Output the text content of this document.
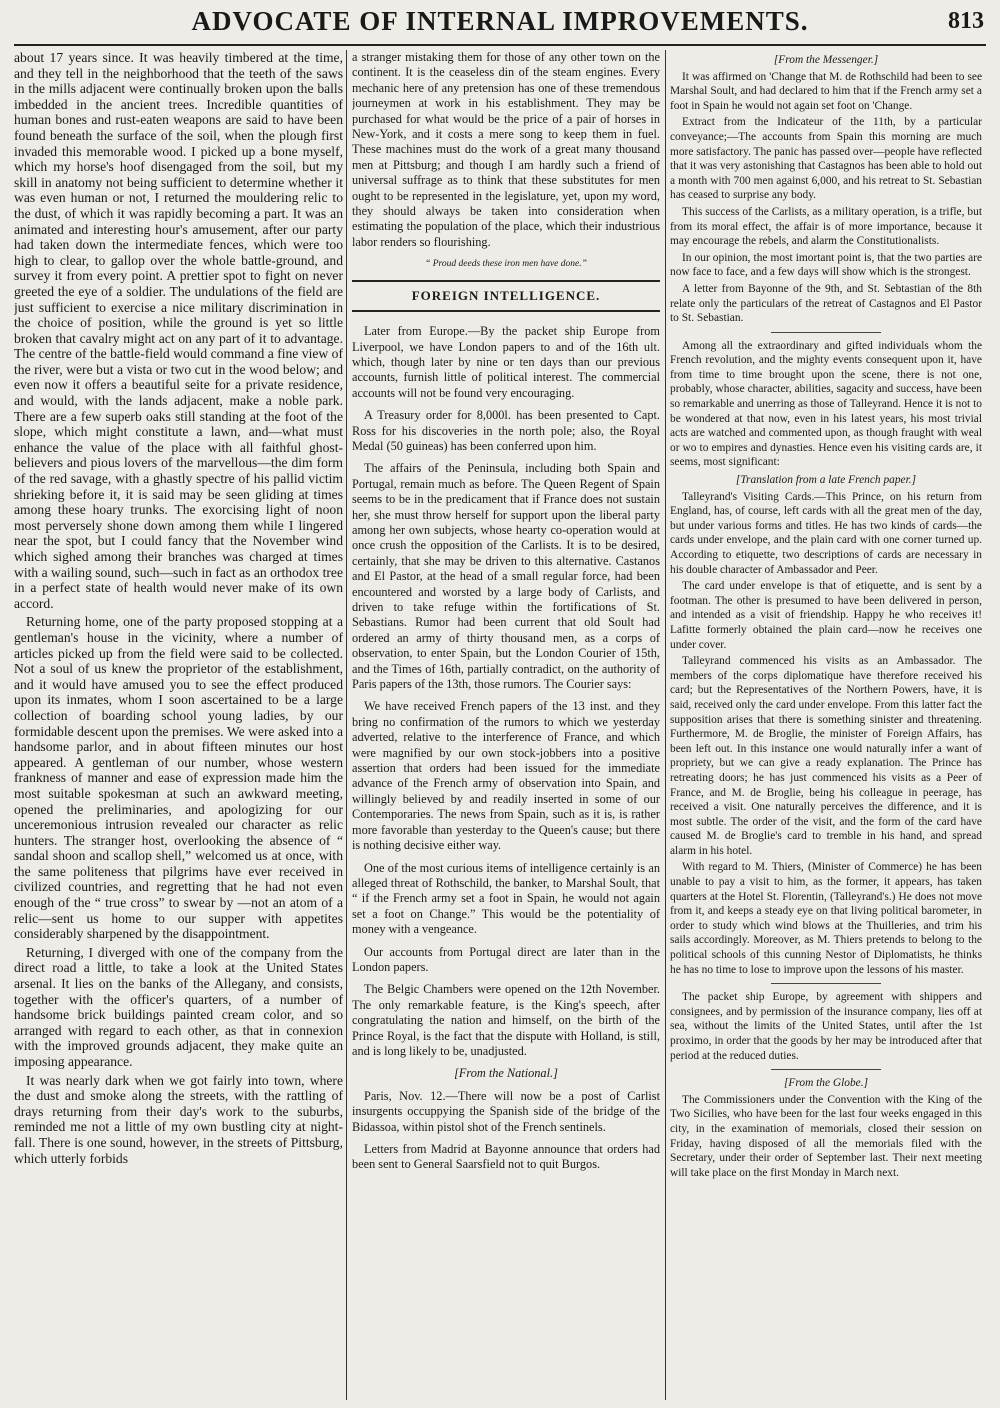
ADVOCATE OF INTERNAL IMPROVEMENTS.	813

about 17 years since. It was heavily timbered at the time, and they tell in the neighborhood that the teeth of the saws in the mills adjacent were continually broken upon the balls imbedded in the ancient trees. Incredible quantities of human bones and rust-eaten weapons are said to have been found beneath the surface of the soil, when the plough first invaded this memorable wood. I picked up a bone myself, which my horse's hoof disengaged from the soil, but my skill in anatomy not being sufficient to determine whether it was even human or not, I returned the mouldering relic to the dust, of which it was rapidly becoming a part. It was an animated and interesting hour's amusement, after our party had taken down the intermediate fences, which were too high to clear, to gallop over the whole battle-ground, and survey it from every point. A prettier spot to fight on never greeted the eye of a soldier. The undulations of the field are just sufficient to exercise a nice military discrimination in the choice of position, while the ground is yet so little broken that cavalry might act on any part of it to advantage. The centre of the battle-field would command a fine view of the river, were but a vista or two cut in the wood below; and even now it offers a beautiful seite for a private residence, and would, with the lands adjacent, make a noble park. There are a few superb oaks still standing at the foot of the slope, which might constitute a lawn, and—what must enhance the value of the place with all faithful ghost-believers and pious lovers of the marvellous—the dim form of the red savage, with a ghastly spectre of his pallid victim shrieking before it, it is said may be seen gliding at times among these hoary trunks. The exorcising light of noon most perversely shone down among them while I lingered near the spot, but I could fancy that the November wind which sighed among their branches was charged at times with a wailing sound, such—such in fact as an orthodox tree in a perfect state of health would never make of its own accord.

Returning home, one of the party proposed stopping at a gentleman's house in the vicinity, where a number of articles picked up from the field were said to be collected. Not a soul of us knew the proprietor of the establishment, and it would have amused you to see the effect produced upon its inmates, whom I soon ascertained to be a large collection of boarding school young ladies, by our formidable descent upon the premises. We were asked into a handsome parlor, and in about fifteen minutes our host appeared. A gentleman of our number, whose western frankness of manner and ease of expression made him the most suitable spokesman at such an awkward meeting, opened the preliminaries, and apologizing for our unceremonious intrusion revealed our character as relic hunters. The stranger host, overlooking the absence of “ sandal shoon and scallop shell,” welcomed us at once, with the same politeness that pilgrims have ever received in civilized countries, and regretting that he had not even enough of the “ true cross” to swear by —not an atom of a relic—sent us home to our supper with appetites considerably sharpened by the disappointment.

Returning, I diverged with one of the company from the direct road a little, to take a look at the United States arsenal. It lies on the banks of the Allegany, and consists, together with the officer's quarters, of a number of handsome brick buildings painted cream color, and so arranged with regard to each other, as that in connexion with the improved grounds adjacent, they make quite an imposing appearance.

It was nearly dark when we got fairly into town, where the dust and smoke along the streets, with the rattling of drays returning from their day's work to the suburbs, reminded me not a little of my own bustling city at night-fall. There is one sound, however, in the streets of Pittsburg, which utterly forbids

a stranger mistaking them for those of any other town on the continent. It is the ceaseless din of the steam engines. Every mechanic here of any pretension has one of these tremendous journeymen at work in his establishment. They may be purchased for what would be the price of a pair of horses in New-York, and it costs a mere song to keep them in fuel. These machines must do the work of a great many thousand men at Pittsburg; and though I am hardly such a friend of universal suffrage as to think that these substitutes for men ought to be represented in the legislature, yet, upon my word, they should always be taken into consideration when estimating the population of the place, which their industrious labor renders so flourishing.

“ Proud deeds these iron men have done.”

FOREIGN INTELLIGENCE.

Later from Europe.—By the packet ship Europe from Liverpool, we have London papers to and of the 16th ult. which, though later by nine or ten days than our previous accounts, furnish little of political interest. The commercial accounts will not be found very encouraging.

A Treasury order for 8,000l. has been presented to Capt. Ross for his discoveries in the north pole; also, the Royal Medal (50 guineas) has been conferred upon him.

The affairs of the Peninsula, including both Spain and Portugal, remain much as before. The Queen Regent of Spain seems to be in the predicament that if France does not sustain her, she must throw herself for support upon the liberal party among her own subjects, whose hearty co-operation would at once crush the opposition of the Carlists. It is to be desired, certainly, that she may be driven to this alternative. Castanos and El Pastor, at the head of a small regular force, had been encountered and worsted by a large body of Carlists, and driven to take refuge within the fortifications of St. Sebastians. Rumor had been current that old Soult had ordered an army of thirty thousand men, as a corps of observation, to enter Spain, but the London Courier of 15th, and the Times of 16th, partially contradict, on the authority of Paris papers of the 13th, those rumors. The Courier says:

We have received French papers of the 13 inst. and they bring no confirmation of the rumors to which we yesterday adverted, relative to the interference of France, and which were magnified by our own stock-jobbers into a positive assertion that orders had been issued for the immediate advance of the French army of observation into Spain, and willingly believed by and readily inserted in some of our Contemporaries. The news from Spain, such as it is, is rather more favorable than yesterday to the Queen's cause; but there is nothing decisive either way.

One of the most curious items of intelligence certainly is an alleged threat of Rothschild, the banker, to Marshal Soult, that “ if the French army set a foot in Spain, he would not again set a foot on Change.” This would be the potentiality of money with a vengeance.

Our accounts from Portugal direct are later than in the London papers.

The Belgic Chambers were opened on the 12th November. The only remarkable feature, is the King's speech, after congratulating the nation and himself, on the birth of the Prince Royal, is the fact that the dispute with Holland, is still, and is long likely to be, unadjusted.

[From the National.]

Paris, Nov. 12.—There will now be a post of Carlist insurgents occuppying the Spanish side of the bridge of the Bidassoa, within pistol shot of the French sentinels.

Letters from Madrid at Bayonne announce that orders had been sent to General Saarsfield not to quit Burgos.

[From the Messenger.]

It was affirmed on 'Change that M. de Rothschild had been to see Marshal Soult, and had declared to him that if the French army set a foot in Spain he would not again set foot on 'Change.

Extract from the Indicateur of the 11th, by a particular conveyance;—The accounts from Spain this morning are much more satisfactory. The panic has passed over—people have reflected that it was very astonishing that Castagnos has been able to hold out a month with 700 men against 6,000, and his retreat to St. Sebastian has ceased to surprise any body.

This success of the Carlists, as a military operation, is a trifle, but from its moral effect, the affair is of more importance, because it may encourage the rebels, and alarm the Constitutionalists.

In our opinion, the most imortant point is, that the two parties are now face to face, and a few days will show which is the strongest.

A letter from Bayonne of the 9th, and St. Sebtastian of the 8th relate only the particulars of the retreat of Castagnos and El Pastor to St. Sebastian.

Among all the extraordinary and gifted individuals whom the French revolution, and the mighty events consequent upon it, have from time to time brought upon the scene, there is not one, probably, whose character, abilities, sagacity and success, have been so remarkable and unerring as those of Talleyrand. Hence it is not to be wondered at that now, even in his latest years, his most trivial acts are watched and commented upon, as though fraught with weal or wo to empires and dynasties. Hence even his visiting cards are, it seems, most significant:

[Translation from a late French paper.]

Talleyrand's Visiting Cards.—This Prince, on his return from England, has, of course, left cards with all the great men of the day, but under various forms and titles. He has two kinds of cards—the cards under envelope, and the plain card with one corner turned up. According to etiquette, two descriptions of cards are necessary in his double character of Ambassador and Peer.

The card under envelope is that of etiquette, and is sent by a footman. The other is presumed to have been delivered in person, and intended as a visit of friendship. Happy he who receives it! Lafitte formerly obtained the plain card—now he receives one under cover.

Talleyrand commenced his visits as an Ambassador. The members of the corps diplomatique have therefore received his card; but the Representatives of the Northern Powers, have, it is said, received only the card under envelope. From this latter fact the supposition arises that there is something sinister and threatening. Furthermore, M. de Broglie, the minister of Foreign Affairs, has been left out. In this instance one would naturally infer a want of propriety, but we can give a ready explanation. The Prince has retreating doors; he has just commenced his visits as a Peer of France, and M. de Broglie, being his colleague in peerage, has received a visit. One naturally perceives the difference, and it is most subtle. The order of the visit, and the form of the card have caused M. de Broglie's card to tremble in his hand, and spread alarm in his hotel.

With regard to M. Thiers, (Minister of Commerce) he has been unable to pay a visit to him, as the former, it appears, has taken quarters at the Hotel St. Florentin, (Talleyrand's.) He does not move from it, and keeps a steady eye on that living political barometer, in order to study which wind blows at the Thuilleries, and trim his sails accordingly. Moreover, as M. Thiers pretends to belong to the political schools of this cunning Nestor of Diplomatists, he thinks he has no time to lose to improve upon the lessons of his master.

The packet ship Europe, by agreement with shippers and consignees, and by permission of the insurance company, lies off at sea, without the limits of the United States, until after the 1st proximo, in order that the goods by her may be introduced after that period at the reduced duties.

[From the Globe.]

The Commissioners under the Convention with the King of the Two Sicilies, who have been for the last four weeks engaged in this city, in the examination of memorials, closed their session on Friday, having disposed of all the memorials filed with the Secretary, under their order of September last. Their next meeting will take place on the first Monday in March next.
